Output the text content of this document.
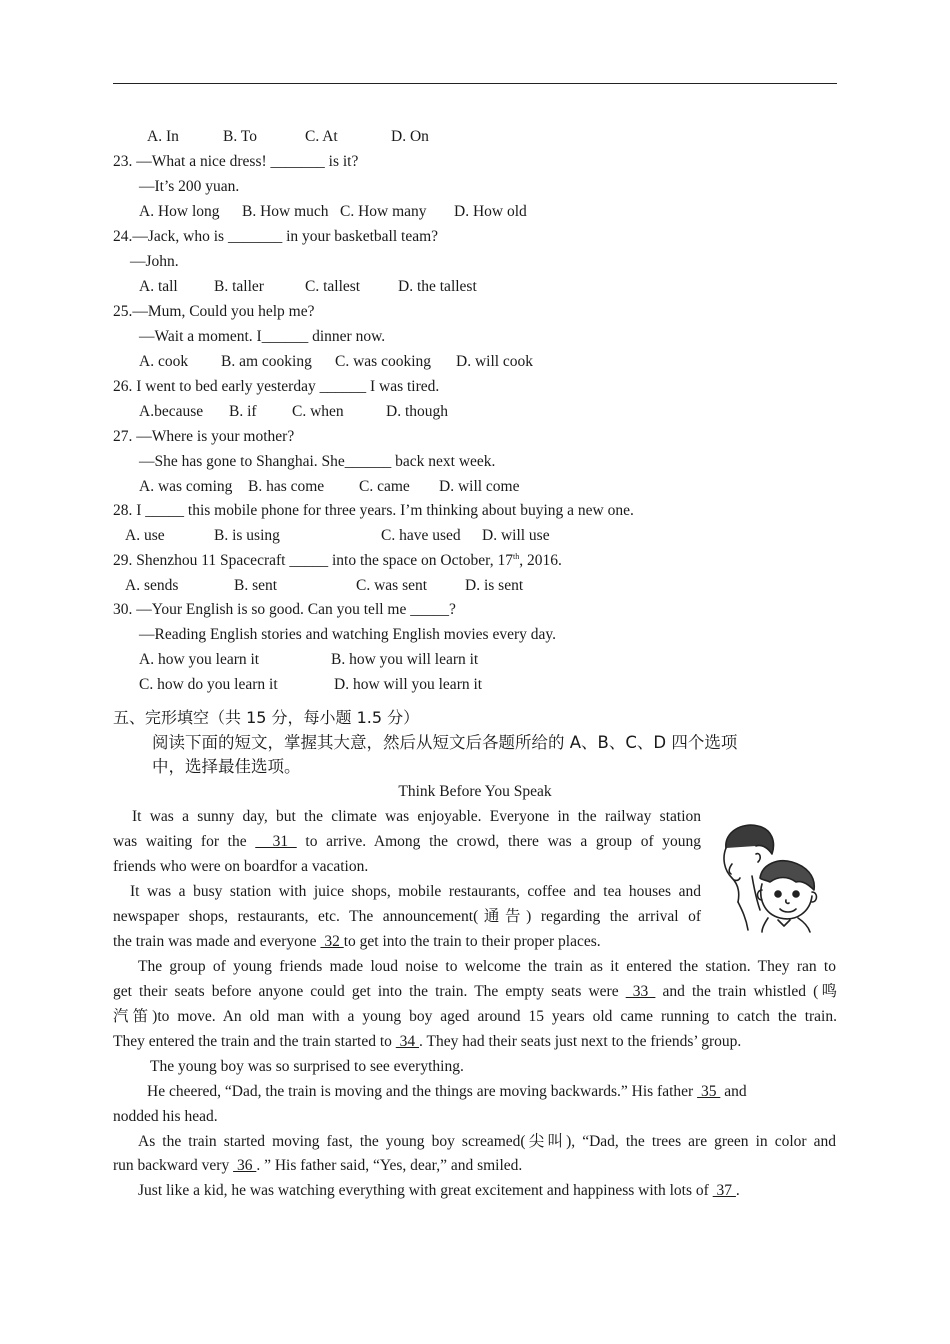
A. In	B. To	C. At	D. On
23. —What a nice dress! _______ is it?
—It’s 200 yuan.
A. How long B. How much C. How many D. How old
24.—Jack, who is _______ in your basketball team?
—John.
A. tall B. taller	C. tallest D. the tallest
25.—Mum, Could you help me?
—Wait a moment. I______ dinner now.
A. cook B. am cooking C. was cooking D. will cook
26. I went to bed early yesterday ______ I was tired.
A.because B. if C. when	D. though
27. —Where is your mother?
—She has gone to Shanghai. She______ back next week.
A. was coming B. has come C. came D. will come
28. I _____ this mobile phone for three years. I’m thinking about buying a new one.
A. use	B. is using	C. have used D. will use
29. Shenzhou 11 Spacecraft _____ into the space on October, 17th, 2016.
A. sends	B. sent	C. was sent D. is sent
30. —Your English is so good. Can you tell me _____?
—Reading English stories and watching English movies every day.
A. how you learn it	B. how you will learn it
C. how do you learn it	D. how will you learn it
五、完形填空（共 15 分，每小题 1.5 分）
阅读下面的短文，掌握其大意，然后从短文后各题所给的 A、B、C、D 四个选项
中，选择最佳选项。
Think Before You Speak
It was a sunny day, but the climate was enjoyable. Everyone in the railway station
was waiting for the   31  to arrive. Among the crowd, there was a group of young
friends who were on boardfor a vacation.
It was a busy station with juice shops, mobile restaurants, coffee and tea houses and
newspaper shops, restaurants, etc. The announcement(通告) regarding the arrival of
the train was made and everyone  32 to get into the train to their proper places.
The group of young friends made loud noise to welcome the train as it entered the station. They ran to
get their seats before anyone could get into the train. The empty seats were  33  and the train whistled (鸣
汽笛)to move. An old man with a young boy aged around 15 years old came running to catch the train.
They entered the train and the train started to  34 . They had their seats just next to the friends’ group.
The young boy was so surprised to see everything.
He cheered, “Dad, the train is moving and the things are moving backwards.” His father  35  and
nodded his head.
As the train started moving fast, the young boy screamed(尖叫), “Dad, the trees are green in color and
run backward very  36 . ” His father said, “Yes, dear,” and smiled.
Just like a kid, he was watching everything with great excitement and happiness with lots of  37 .
